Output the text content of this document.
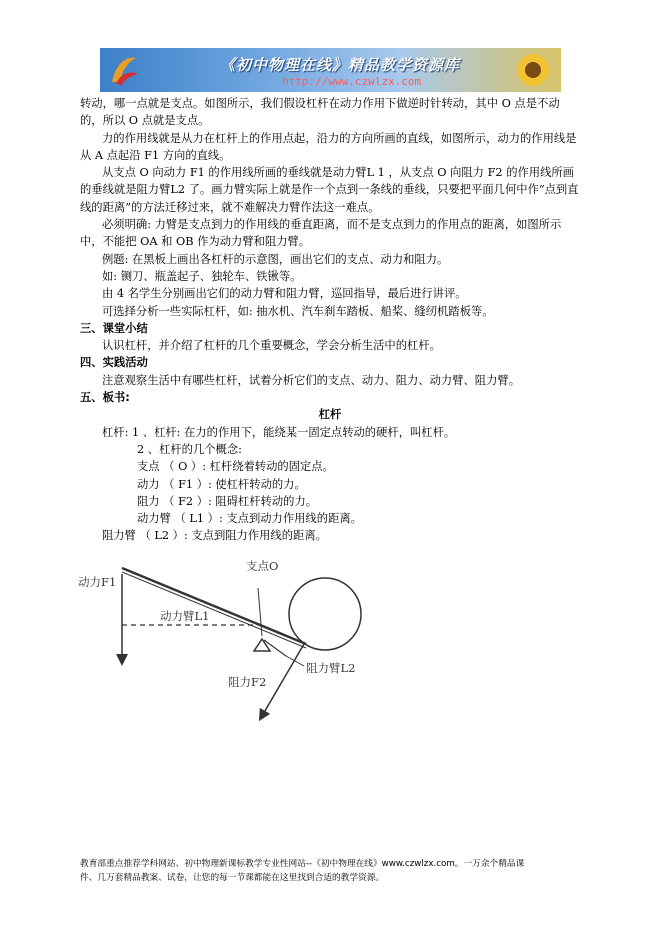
《初中物理在线》精品教学资源库
http://www.czwlzx.com

转动，哪一点就是支点。如图所示，我们假设杠杆在动力作用下做逆时针转动，其中 O 点是不动的，所以 O 点就是支点。

力的作用线就是从力在杠杆上的作用点起，沿力的方向所画的直线，如图所示，动力的作用线是从 A 点起沿 F1 方向的直线。

从支点 O 向动力 F1 的作用线所画的垂线就是动力臂L 1 ，从支点 O 向阻力 F2 的作用线所画的垂线就是阻力臂L2 了。画力臂实际上就是作一个点到一条线的垂线，只要把平面几何中作“点到直线的距离”的方法迁移过来，就不难解决力臂作法这一难点。

必须明确: 力臂是支点到力的作用线的垂直距离，而不是支点到力的作用点的距离，如图所示中，不能把 OA 和 OB 作为动力臂和阻力臂。

例题: 在黑板上画出各杠杆的示意图，画出它们的支点、动力和阻力。

如: 铡刀、瓶盖起子、独轮车、铁锹等。

由 4 名学生分别画出它们的动力臂和阻力臂，巡回指导，最后进行讲评。

可选择分析一些实际杠杆，如: 抽水机、汽车刹车踏板、船桨、缝纫机踏板等。

三、课堂小结

认识杠杆，并介绍了杠杆的几个重要概念，学会分析生活中的杠杆。

四、实践活动

注意观察生活中有哪些杠杆，试着分析它们的支点、动力、阻力、动力臂、阻力臂。

五、板书:

杠杆

杠杆: 1 、杠杆: 在力的作用下，能绕某一固定点转动的硬杆，叫杠杆。

2 、杠杆的几个概念:

支点 （ O ）: 杠杆绕着转动的固定点。

动力 （ F1 ）: 使杠杆转动的力。

阻力 （ F2 ）: 阻碍杠杆转动的力。

动力臂 （ L1 ）: 支点到动力作用线的距离。

阻力臂 （ L2 ）: 支点到阻力作用线的距离。

动力F1
支点O
动力臂L1
阻力臂L2
阻力F2
教育部重点推荐学科网站、初中物理新课标教学专业性网站--《初中物理在线》www.czwlzx.com。一万余个精品课
件、几万套精品教案、试卷，让您的每一节课都能在这里找到合适的教学资源。
